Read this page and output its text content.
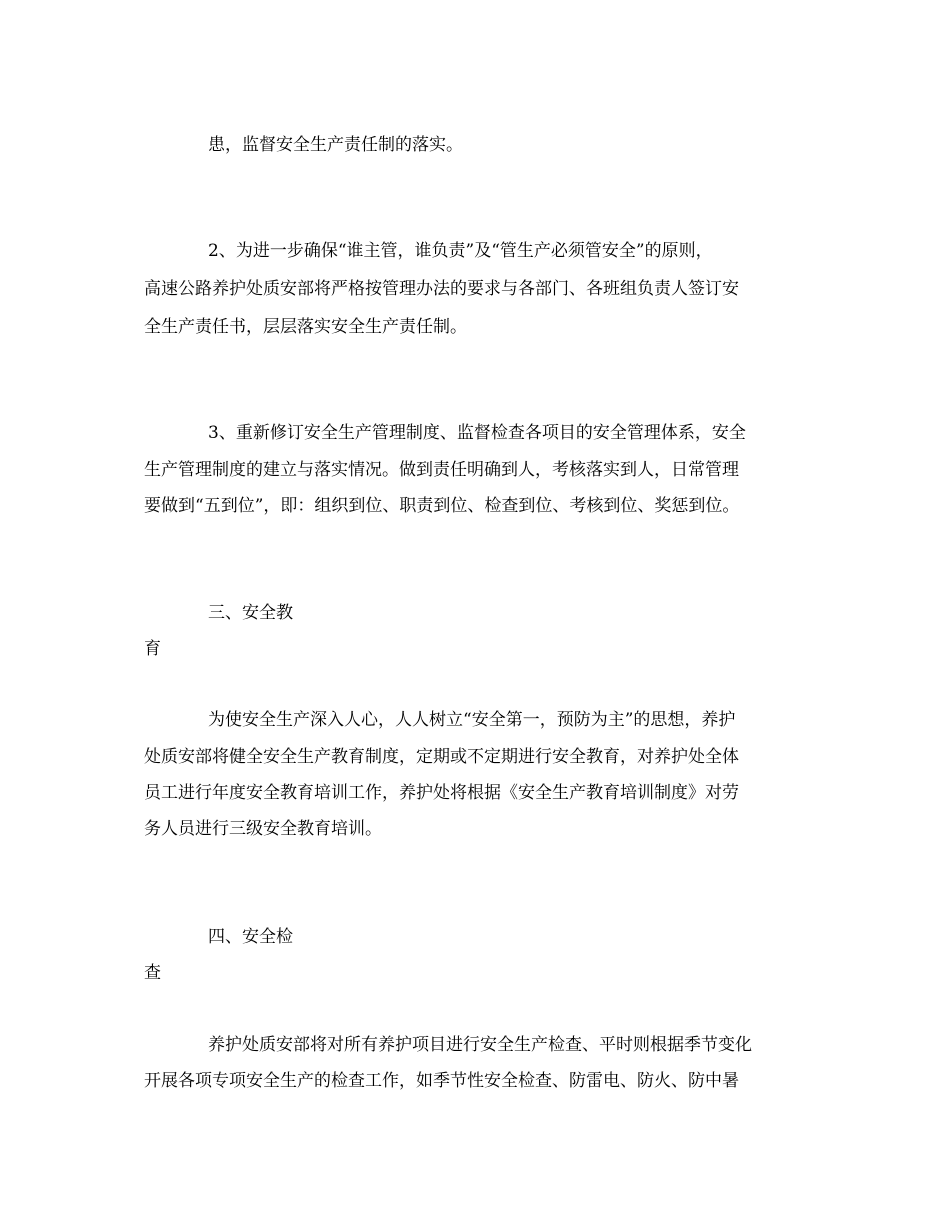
患，监督安全生产责任制的落实。
2、为进一步确保“谁主管，谁负责”及“管生产必须管安全”的原则，
高速公路养护处质安部将严格按管理办法的要求与各部门、各班组负责人签订安
全生产责任书，层层落实安全生产责任制。
3、重新修订安全生产管理制度、监督检查各项目的安全管理体系，安全
生产管理制度的建立与落实情况。做到责任明确到人，考核落实到人，日常管理
要做到“五到位”，即：组织到位、职责到位、检查到位、考核到位、奖惩到位。
三、安全教
育
为使安全生产深入人心，人人树立“安全第一，预防为主”的思想，养护
处质安部将健全安全生产教育制度，定期或不定期进行安全教育，对养护处全体
员工进行年度安全教育培训工作，养护处将根据《安全生产教育培训制度》对劳
务人员进行三级安全教育培训。
四、安全检
查
养护处质安部将对所有养护项目进行安全生产检查、平时则根据季节变化
开展各项专项安全生产的检查工作，如季节性安全检查、防雷电、防火、防中暑
